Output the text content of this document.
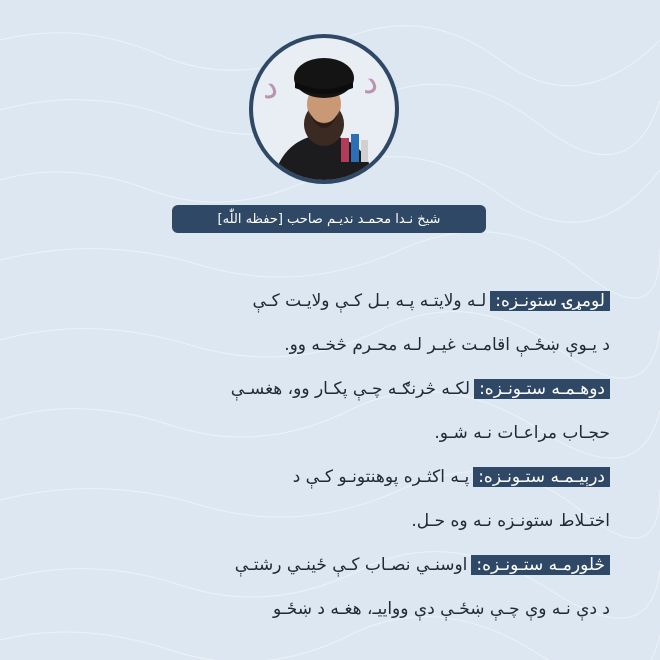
د د
شیخ نـدا محمـد ندیـم صاحب [حفظه اللّٰه]
لومړۍ ستونـزه:لـه ولایتـه پـه بـل کـې ولایـت کـې
د یـوې ښځـې اقامـت غیـر لـه محـرم څخـه وو.
دوهـمـه ستـونـزه:لکـه څرنګـه چـې پکـار وو، هغسـې
حجـاب مراعـات نـه شـو.
درېیـمـه ستـونـزه:پـه اکثـره پوهنتونـو کـې د
اختـلاط ستونـزه نـه وه حـل.
څلورمـه ستـونـزه:اوسنـي نصـاب کـې ځینـي رشتـې
د دې نـه وې چـې ښځـې دې وواییـ، هغـه د ښځـو
